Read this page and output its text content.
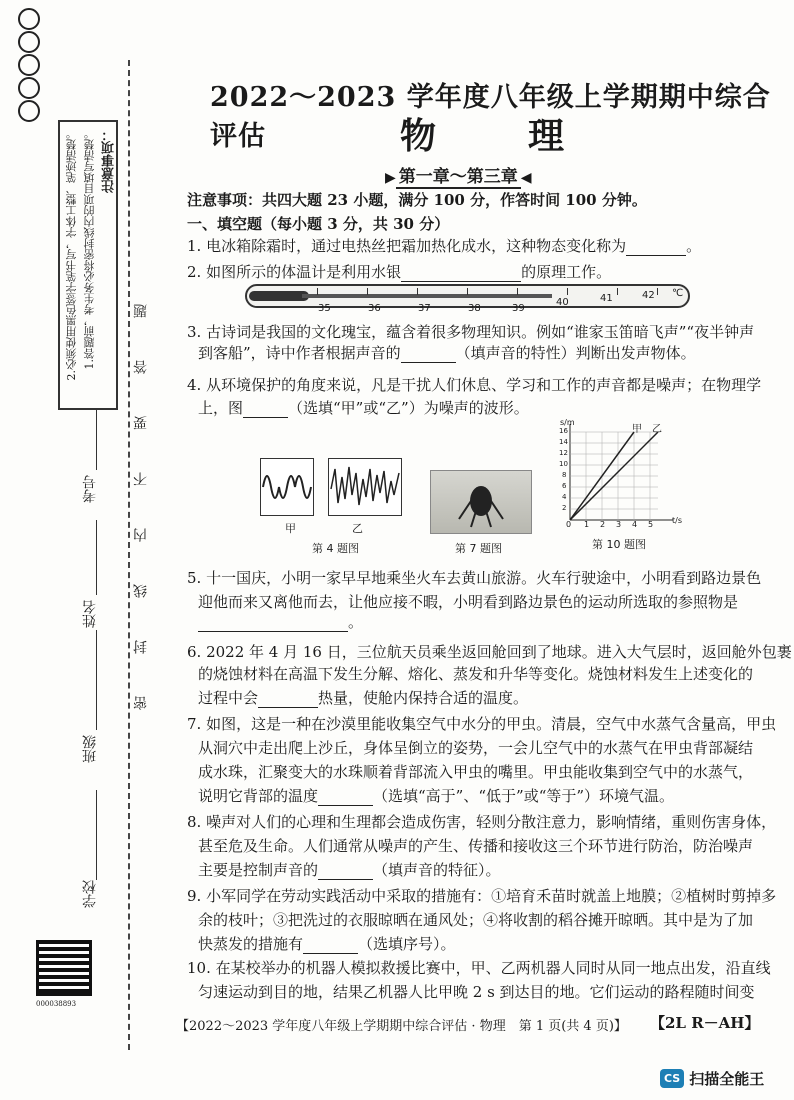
注意事项：
1.答题前，考生务必将密封线内的项目填写清楚。
2.必须使用黑色签字笔书写，字体工整、笔迹清楚。
密　封　线　内　不　要　答　题
学校
班级
姓名
考号
000038893
2022～2023 学年度八年级上学期期中综合评估	物　理
▶ 第一章～第三章 ◀
注意事项：共四大题 23 小题，满分 100 分，作答时间 100 分钟。
一、填空题（每小题 3 分，共 30 分）
1. 电冰箱除霜时，通过电热丝把霜加热化成水，这种物态变化称为	。
2. 如图所示的体温计是利用水银	的原理工作。
35	36	37	38	39
40	41	42 ℃
3. 古诗词是我国的文化瑰宝，蕴含着很多物理知识。例如“谁家玉笛暗飞声”“夜半钟声
到客船”，诗中作者根据声音的	（填声音的特性）判断出发声物体。
4. 从环境保护的角度来说，凡是干扰人们休息、学习和工作的声音都是噪声；在物理学
上，图	（选填“甲”或“乙”）为噪声的波形。
甲	乙
第 4 题图	第 7 题图
s/m
t/s
甲 乙
0 1 2 3 4 5
2
4
6
8
10
12
14
16
第 10 题图
5. 十一国庆，小明一家早早地乘坐火车去黄山旅游。火车行驶途中，小明看到路边景色
迎他而来又离他而去，让他应接不暇，小明看到路边景色的运动所选取的参照物是
。
6. 2022 年 4 月 16 日，三位航天员乘坐返回舱回到了地球。进入大气层时，返回舱外包裹
的烧蚀材料在高温下发生分解、熔化、蒸发和升华等变化。烧蚀材料发生上述变化的
过程中会	热量，使舱内保持合适的温度。
7. 如图，这是一种在沙漠里能收集空气中水分的甲虫。清晨，空气中水蒸气含量高，甲虫
从洞穴中走出爬上沙丘，身体呈倒立的姿势，一会儿空气中的水蒸气在甲虫背部凝结
成水珠，汇聚变大的水珠顺着背部流入甲虫的嘴里。甲虫能收集到空气中的水蒸气，
说明它背部的温度	（选填“高于”、“低于”或“等于”）环境气温。
8. 噪声对人们的心理和生理都会造成伤害，轻则分散注意力，影响情绪，重则伤害身体，
甚至危及生命。人们通常从噪声的产生、传播和接收这三个环节进行防治，防治噪声
主要是控制声音的	（填声音的特征）。
9. 小军同学在劳动实践活动中采取的措施有：①培育禾苗时就盖上地膜；②植树时剪掉多
余的枝叶；③把洗过的衣服晾晒在通风处；④将收割的稻谷摊开晾晒。其中是为了加
快蒸发的措施有	（选填序号）。
10. 在某校举办的机器人模拟救援比赛中，甲、乙两机器人同时从同一地点出发，沿直线
匀速运动到目的地，结果乙机器人比甲晚 2 s 到达目的地。它们运动的路程随时间变
【2022～2023 学年度八年级上学期期中综合评估 · 物理　第 1 页(共 4 页)】 【2L R－AH】
CS 扫描全能王
